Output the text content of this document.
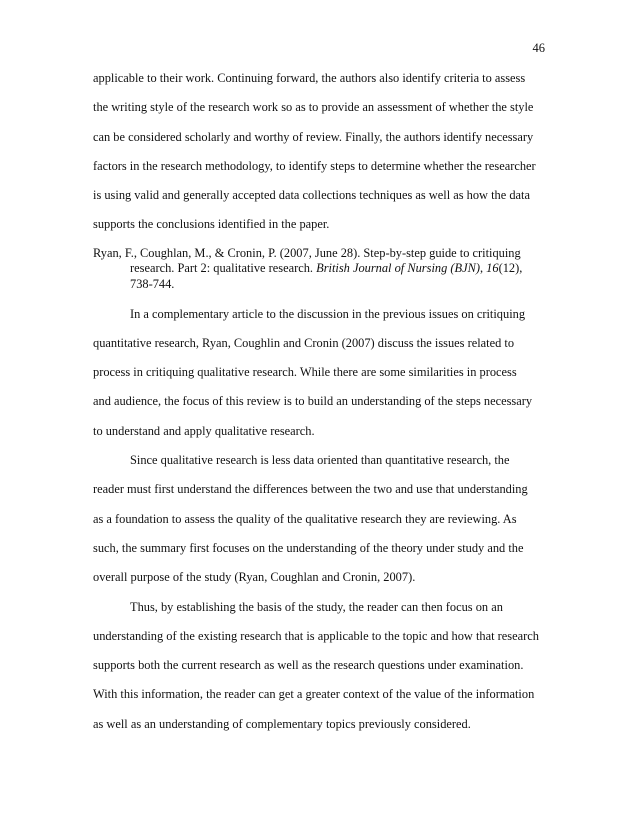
46

applicable to their work. Continuing forward, the authors also identify criteria to assess
the writing style of the research work so as to provide an assessment of whether the style
can be considered scholarly and worthy of review. Finally, the authors identify necessary
factors in the research methodology, to identify steps to determine whether the researcher
is using valid and generally accepted data collections techniques as well as how the data
supports the conclusions identified in the paper.

Ryan, F., Coughlan, M., & Cronin, P. (2007, June 28). Step-by-step guide to critiquing
research. Part 2: qualitative research. British Journal of Nursing (BJN), 16(12),
738-744.

In a complementary article to the discussion in the previous issues on critiquing
quantitative research, Ryan, Coughlin and Cronin (2007) discuss the issues related to
process in critiquing qualitative research. While there are some similarities in process
and audience, the focus of this review is to build an understanding of the steps necessary
to understand and apply qualitative research.

Since qualitative research is less data oriented than quantitative research, the
reader must first understand the differences between the two and use that understanding
as a foundation to assess the quality of the qualitative research they are reviewing. As
such, the summary first focuses on the understanding of the theory under study and the
overall purpose of the study (Ryan, Coughlan and Cronin, 2007).

Thus, by establishing the basis of the study, the reader can then focus on an
understanding of the existing research that is applicable to the topic and how that research
supports both the current research as well as the research questions under examination.
With this information, the reader can get a greater context of the value of the information
as well as an understanding of complementary topics previously considered.
